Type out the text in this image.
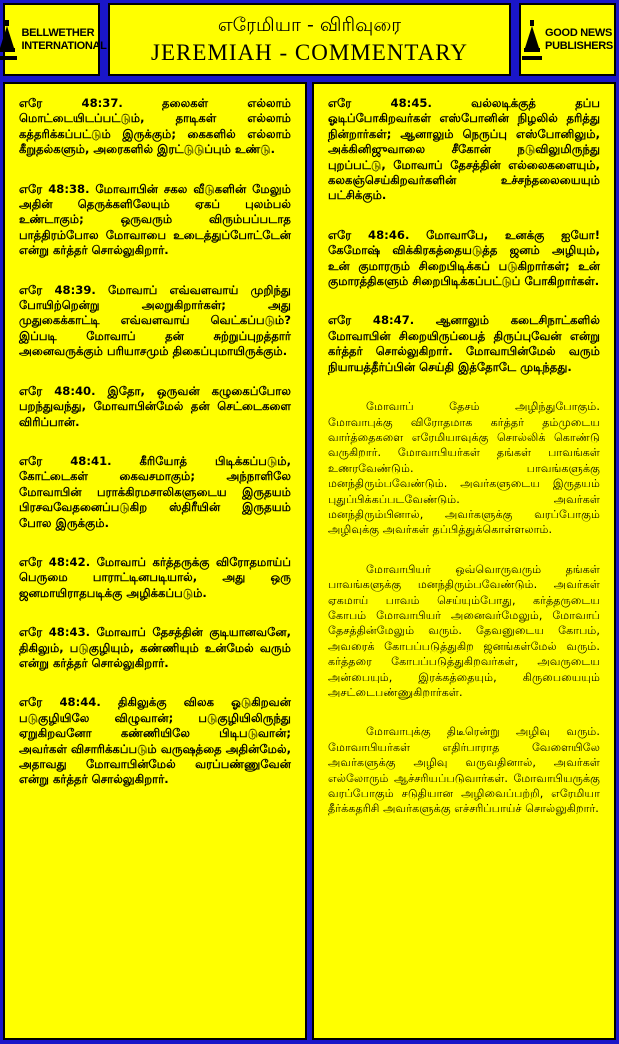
BELLWETHER
INTERNATIONAL
எரேமியா - விரிவுரை
JEREMIAH - COMMENTARY
GOOD NEWS
PUBLISHERS

எரே 48:37. தலைகள் எல்லாம் மொட்டையிடப்பட்டும், தாடிகள் எல்லாம் கத்தரிக்கப்பட்டும் இருக்கும்; கைகளில் எல்லாம் கீறுதல்களும், அரைகளில் இரட்டுடுப்பும் உண்டு.

எரே 48:38. மோவாபின் சகல வீடுகளின் மேலும் அதின் தெருக்களிலேயும் ஏகப் புலம்பல் உண்டாகும்; ஒருவரும் விரும்பப்படாத பாத்திரம்போல மோவாபை உடைத்துப்போட்டேன் என்று கர்த்தர் சொல்லுகிறார்.

எரே 48:39. மோவாப் எவ்வளவாய் முறிந்து போயிற்றென்று அலறுகிறார்கள்; அது முதுகைக்காட்டி எவ்வளவாய் வெட்கப்படும்? இப்படி மோவாப் தன் சுற்றுப்புறத்தார் அனைவருக்கும் பரியாசமும் திகைப்புமாயிருக்கும்.

எரே 48:40. இதோ, ஒருவன் கழுகைப்போல பறந்துவந்து, மோவாபின்மேல் தன் செட்டைகளை விரிப்பான்.

எரே 48:41. கீரியோத் பிடிக்கப்படும், கோட்டைகள் கைவசமாகும்; அந்நாளிலே மோவாபின் பராக்கிரமசாலிகளுடைய இருதயம் பிரசவவேதனைப்படுகிற ஸ்திரீயின் இருதயம் போல இருக்கும்.

எரே 48:42. மோவாப் கர்த்தருக்கு விரோதமாய்ப் பெருமை பாராட்டினபடியால், அது ஒரு ஜனமாயிராதபடிக்கு அழிக்கப்படும்.

எரே 48:43. மோவாப் தேசத்தின் குடியானவனே, திகிலும், படுகுழியும், கண்ணியும் உன்மேல் வரும் என்று கர்த்தர் சொல்லுகிறார்.

எரே 48:44. திகிலுக்கு விலக ஓடுகிறவன் படுகுழியிலே விழுவான்; படுகுழியிலிருந்து ஏறுகிறவனோ கண்ணியிலே பிடிபடுவான்; அவர்கள் விசாரிக்கப்படும் வருஷத்தை அதின்மேல், அதாவது மோவாபின்மேல் வரப்பண்ணுவேன் என்று கர்த்தர் சொல்லுகிறார்.

எரே 48:45. வல்லடிக்குத் தப்ப ஓடிப்போகிறவர்கள் எஸ்போனின் நிழலில் தரித்து நின்றார்கள்; ஆனாலும் நெருப்பு எஸ்போனிலும், அக்கினிஜுவாலை சீகோன் நடுவிலுமிருந்து புறப்பட்டு, மோவாப் தேசத்தின் எல்லைகளையும், கலகஞ்செய்கிறவர்களின் உச்சந்தலையையும் பட்சிக்கும்.

எரே 48:46. மோவாபே, உனக்கு ஐயோ! கேமோஷ் விக்கிரகத்தையடுத்த ஜனம் அழியும், உன் குமாரரும் சிறைபிடிக்கப் படுகிறார்கள்; உன் குமாரத்திகளும் சிறைபிடிக்கப்பட்டுப் போகிறார்கள்.

எரே 48:47. ஆனாலும் கடைசிநாட்களில் மோவாபின் சிறையிருப்பைத் திருப்புவேன் என்று கர்த்தர் சொல்லுகிறார். மோவாபின்மேல் வரும் நியாயத்தீர்ப்பின் செய்தி இத்தோடே முடிந்தது.

மோவாப் தேசம் அழிந்துபோகும். மோவாபுக்கு விரோதமாக கர்த்தர் தம்முடைய வார்த்தைகளை எரேமியாவுக்கு சொல்லிக் கொண்டு வருகிறார். மோவாபியர்கள் தங்கள் பாவங்கள் உணரவேண்டும். பாவங்களுக்கு மனந்திரும்பவேண்டும். அவர்களுடைய இருதயம் புதுப்பிக்கப்படவேண்டும். அவர்கள் மனந்திரும்பினால், அவர்களுக்கு வரப்போகும் அழிவுக்கு அவர்கள் தப்பித்துக்கொள்ளலாம்.

மோவாபியர் ஒவ்வொருவரும் தங்கள் பாவங்களுக்கு மனந்திரும்பவேண்டும். அவர்கள் ஏகமாய் பாவம் செய்யும்போது, கர்த்தருடைய கோபம் மோவாபியர் அனைவர்மேலும், மோவாப் தேசத்தின்மேலும் வரும். தேவனுடைய கோபம், அவரைக் கோபப்படுத்துகிற ஜனங்கள்மேல் வரும். கர்த்தரை கோபப்படுத்துகிறவர்கள், அவருடைய அன்பையும், இரக்கத்தையும், கிருபையையும் அசட்டைபண்ணுகிறார்கள்.

மோவாபுக்கு திடீரென்று அழிவு வரும். மோவாபியர்கள் எதிர்பாராத வேளையிலே அவர்களுக்கு அழிவு வருவதினால், அவர்கள் எல்லோரும் ஆச்சரியப்படுவார்கள். மோவாபியருக்கு வரப்போகும் சடுதியான அழிவைப்பற்றி, எரேமியா தீர்க்கதரிசி அவர்களுக்கு எச்சரிப்பாய்ச் சொல்லுகிறார்.
